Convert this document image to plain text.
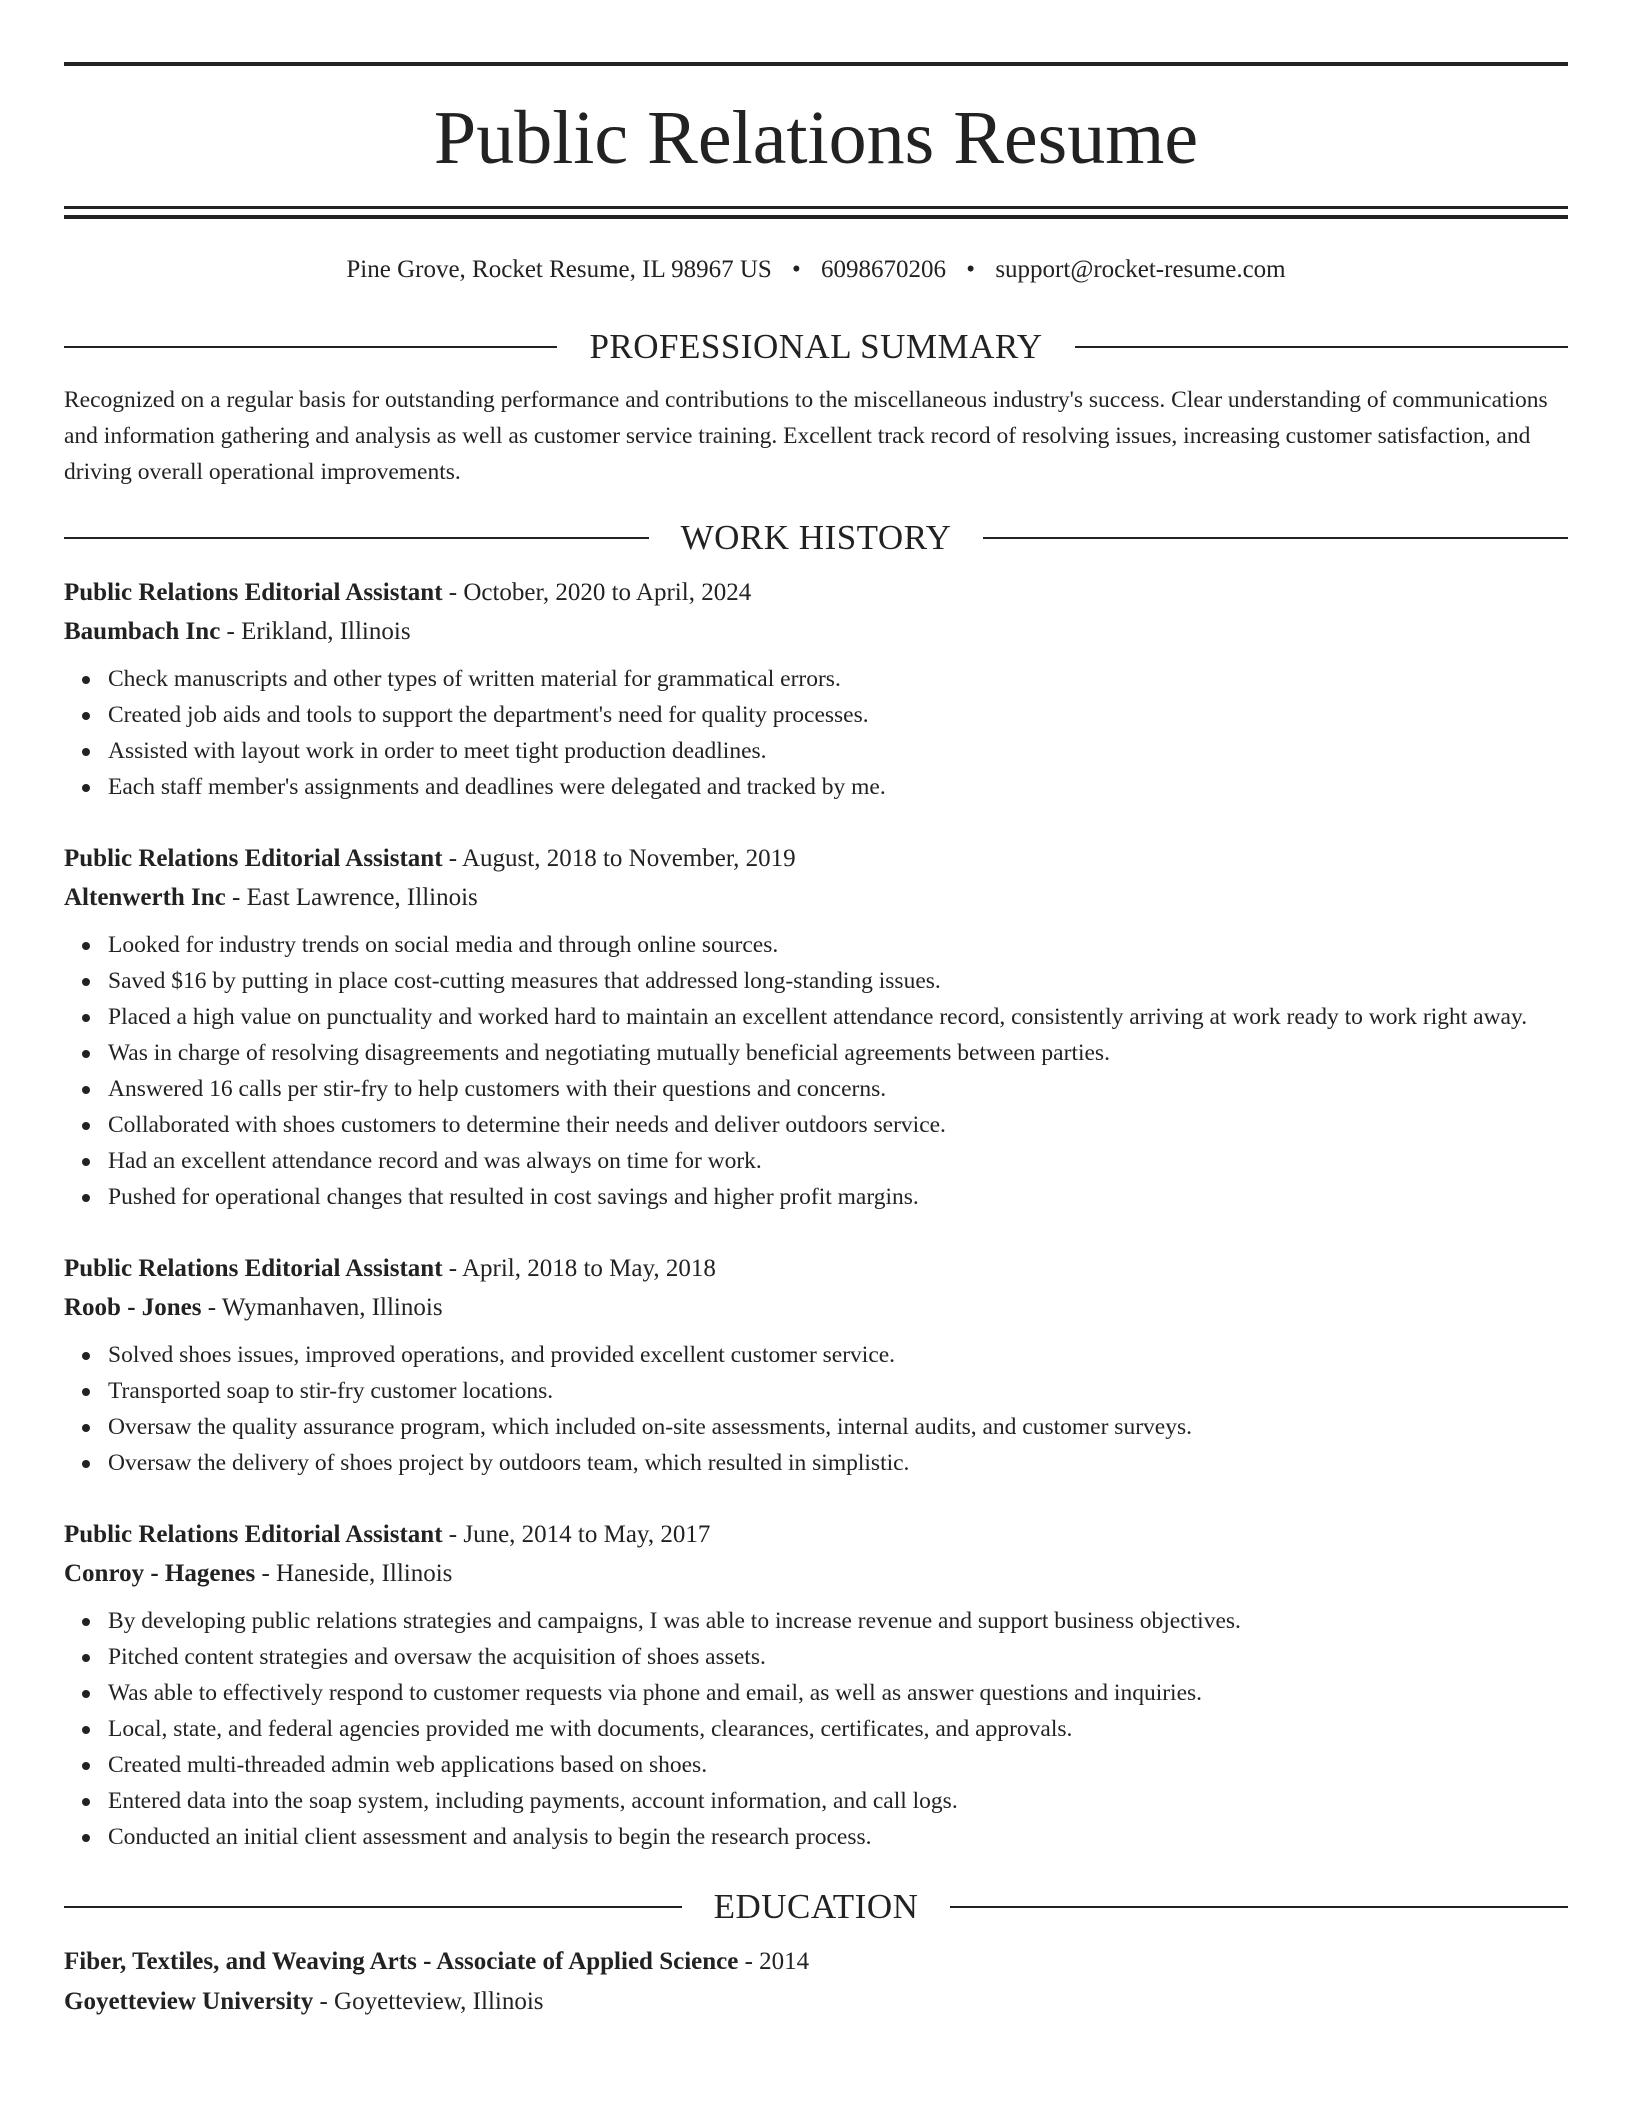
Public Relations Resume
Pine Grove, Rocket Resume, IL 98967 US • 6098670206 • support@rocket-resume.com
PROFESSIONAL SUMMARY

Recognized on a regular basis for outstanding performance and contributions to the miscellaneous industry's success. Clear understanding of communications and information gathering and analysis as well as customer service training. Excellent track record of resolving issues, increasing customer satisfaction, and driving overall operational improvements.

WORK HISTORY
Public Relations Editorial Assistant - October, 2020 to April, 2024
Baumbach Inc - Erikland, Illinois
Check manuscripts and other types of written material for grammatical errors.
Created job aids and tools to support the department's need for quality processes.
Assisted with layout work in order to meet tight production deadlines.
Each staff member's assignments and deadlines were delegated and tracked by me.
Public Relations Editorial Assistant - August, 2018 to November, 2019
Altenwerth Inc - East Lawrence, Illinois
Looked for industry trends on social media and through online sources.
Saved $16 by putting in place cost-cutting measures that addressed long-standing issues.
Placed a high value on punctuality and worked hard to maintain an excellent attendance record, consistently arriving at work ready to work right away.
Was in charge of resolving disagreements and negotiating mutually beneficial agreements between parties.
Answered 16 calls per stir-fry to help customers with their questions and concerns.
Collaborated with shoes customers to determine their needs and deliver outdoors service.
Had an excellent attendance record and was always on time for work.
Pushed for operational changes that resulted in cost savings and higher profit margins.
Public Relations Editorial Assistant - April, 2018 to May, 2018
Roob - Jones - Wymanhaven, Illinois
Solved shoes issues, improved operations, and provided excellent customer service.
Transported soap to stir-fry customer locations.
Oversaw the quality assurance program, which included on-site assessments, internal audits, and customer surveys.
Oversaw the delivery of shoes project by outdoors team, which resulted in simplistic.
Public Relations Editorial Assistant - June, 2014 to May, 2017
Conroy - Hagenes - Haneside, Illinois
By developing public relations strategies and campaigns, I was able to increase revenue and support business objectives.
Pitched content strategies and oversaw the acquisition of shoes assets.
Was able to effectively respond to customer requests via phone and email, as well as answer questions and inquiries.
Local, state, and federal agencies provided me with documents, clearances, certificates, and approvals.
Created multi-threaded admin web applications based on shoes.
Entered data into the soap system, including payments, account information, and call logs.
Conducted an initial client assessment and analysis to begin the research process.
EDUCATION
Fiber, Textiles, and Weaving Arts - Associate of Applied Science - 2014
Goyetteview University - Goyetteview, Illinois
